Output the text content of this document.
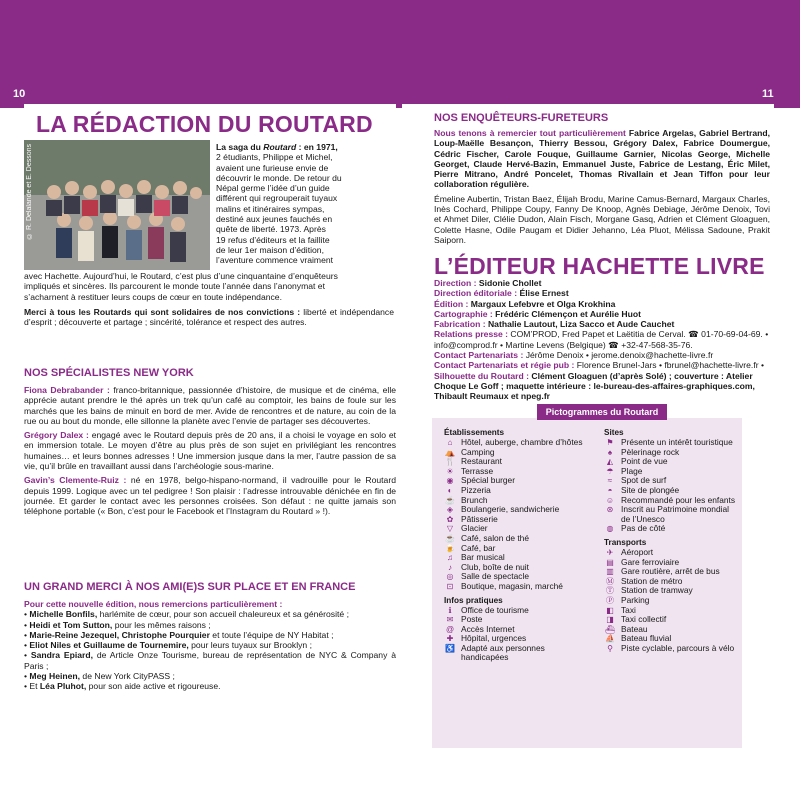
10
LA RÉDACTION DU ROUTARD
© R. Delalande et E. Dessons	La saga du Routard : en 1971,

2 étudiants, Philippe et Michel,

avaient une furieuse envie de

découvrir le monde. De retour du

Népal germe l’idée d’un guide

différent qui regrouperait tuyaux

malins et itinéraires sympas,

destiné aux jeunes fauchés en

quête de liberté. 1973. Après

19 refus d’éditeurs et la faillite

de leur 1er maison d’édition,

l’aventure commence vraiment

avec Hachette. Aujourd’hui, le Routard, c’est plus d’une cinquantaine d’enquêteurs

impliqués et sincères. Ils parcourent le monde toute l’année dans l’anonymat et

s’acharnent à restituer leurs coups de cœur en toute indépendance.

Merci à tous les Routards qui sont solidaires de nos convictions : liberté et indépendance d’esprit ; découverte et partage ; sincérité, tolérance et respect des autres.
NOS SPÉCIALISTES NEW YORK

Fiona Debrabander : franco-britannique, passionnée d’histoire, de musique et de cinéma, elle apprécie autant prendre le thé après un trek qu’un café au comptoir, les bains de foule sur les marchés que les bains de minuit en bord de mer. Avide de rencontres et de nature, au coin de la rue ou au bout du monde, elle sillonne la planète avec l’envie de partager ses découvertes.

Grégory Dalex : engagé avec le Routard depuis près de 20 ans, il a choisi le voyage en solo et en immersion totale. Le moyen d’être au plus près de son sujet en privilégiant les rencontres humaines… et leurs bonnes adresses ! Une immersion jusque dans la mer, l’autre passion de sa vie, qu’il brûle en travaillant aussi dans l’archéologie sous-marine.

Gavin’s Clemente-Ruiz : né en 1978, belgo-hispano-normand, il vadrouille pour le Routard depuis 1999. Logique avec un tel pedigree ! Son plaisir : l’adresse introuvable dénichée en fin de journée. Et garder le contact avec les personnes croisées. Son défaut : ne quitte jamais son téléphone portable (« Bon, c’est pour le Facebook et l’Instagram du Routard » !).

UN GRAND MERCI À NOS AMI(E)S SUR PLACE ET EN FRANCE

Pour cette nouvelle édition, nous remercions particulièrement :

• Michelle Bonfils, harlémite de cœur, pour son accueil chaleureux et sa générosité ;

• Heidi et Tom Sutton, pour les mêmes raisons ;

• Marie-Reine Jezequel, Christophe Pourquier et toute l’équipe de NY Habitat ;

• Eliot Niles et Guillaume de Tournemire, pour leurs tuyaux sur Brooklyn ;

• Sandra Epiard, de Article Onze Tourisme, bureau de représentation de NYC & Company à Paris ;

• Meg Heinen, de New York CityPASS ;

• Et Léa Pluhot, pour son aide active et rigoureuse.

11
NOS ENQUÊTEURS-FURETEURS

Nous tenons à remercier tout particulièrement Fabrice Argelas, Gabriel Bertrand, Loup-Maëlle Besançon, Thierry Bessou, Grégory Dalex, Fabrice Doumergue, Cédric Fischer, Carole Fouque, Guillaume Garnier, Nicolas George, Michelle Georget, Claude Hervé-Bazin, Emmanuel Juste, Fabrice de Lestang, Éric Milet, Pierre Mitrano, André Poncelet, Thomas Rivallain et Jean Tiffon pour leur collaboration régulière.

Émeline Aubertin, Tristan Baez, Élijah Brodu, Marine Camus-Bernard, Margaux Charles, Inès Cochard, Philippe Coupy, Fanny De Knoop, Agnès Debiage, Jérôme Denoix, Tovi et Ahmet Diler, Clélie Dudon, Alain Fisch, Morgane Gasq, Adrien et Clément Gloaguen, Colette Hasne, Odile Paugam et Didier Jehanno, Léa Pluot, Mélissa Sadoune, Prakit Saiporn.

L’ÉDITEUR HACHETTE LIVRE

Direction : Sidonie Chollet

Direction éditoriale : Élise Ernest

Édition : Margaux Lefebvre et Olga Krokhina

Cartographie : Frédéric Clémençon et Aurélie Huot

Fabrication : Nathalie Lautout, Liza Sacco et Aude Cauchet

Relations presse : COM’PROD, Fred Papet et Laëtitia de Cerval. ☎ 01-70-69-04-69. • info@comprod.fr • Martine Levens (Belgique) ☎ +32-47-568-35-76.

Contact Partenariats : Jérôme Denoix • jerome.denoix@hachette-livre.fr

Contact Partenariats et régie pub : Florence Brunel-Jars • fbrunel@hachette-livre.fr •

Silhouette du Routard : Clément Gloaguen (d’après Solé) ; couverture : Atelier Choque Le Goff ; maquette intérieure : le-bureau-des-affaires-graphiques.com, Thibault Reumaux et npeg.fr

Pictogrammes du Routard
Établissements
⌂	Hôtel, auberge, chambre d’hôtes
⛺ Camping
🍴 Restaurant
☀ Terrasse
◉ Spécial burger
◐	Pizzeria
☕ Brunch
◈ Boulangerie, sandwicherie
✿ Pâtisserie
▽ Glacier
☕ Café, salon de thé
🍺 Café, bar
♫ Bar musical
♪	Club, boîte de nuit
◎ Salle de spectacle
⊡ Boutique, magasin, marché
Infos pratiques
ℹ	Office de tourisme
✉ Poste
@ Accès Internet
✚ Hôpital, urgences
♿ Adapté aux personnes handicapées
Sites
⚑ Présente un intérêt touristique
♠	Pèlerinage rock
◭ Point de vue
☂ Plage
≈	Spot de surf
◓	Site de plongée
☺ Recommandé pour les enfants
⊛ Inscrit au Patrimoine mondial de l’Unesco
◍ Pas de côté
Transports
✈ Aéroport
▤ Gare ferroviaire
▥ Gare routière, arrêt de bus
Ⓜ Station de métro
Ⓣ Station de tramway
Ⓟ Parking
◧ Taxi
◨ Taxi collectif
⛴ Bateau
⛵ Bateau fluvial
⚲ Piste cyclable, parcours à vélo
